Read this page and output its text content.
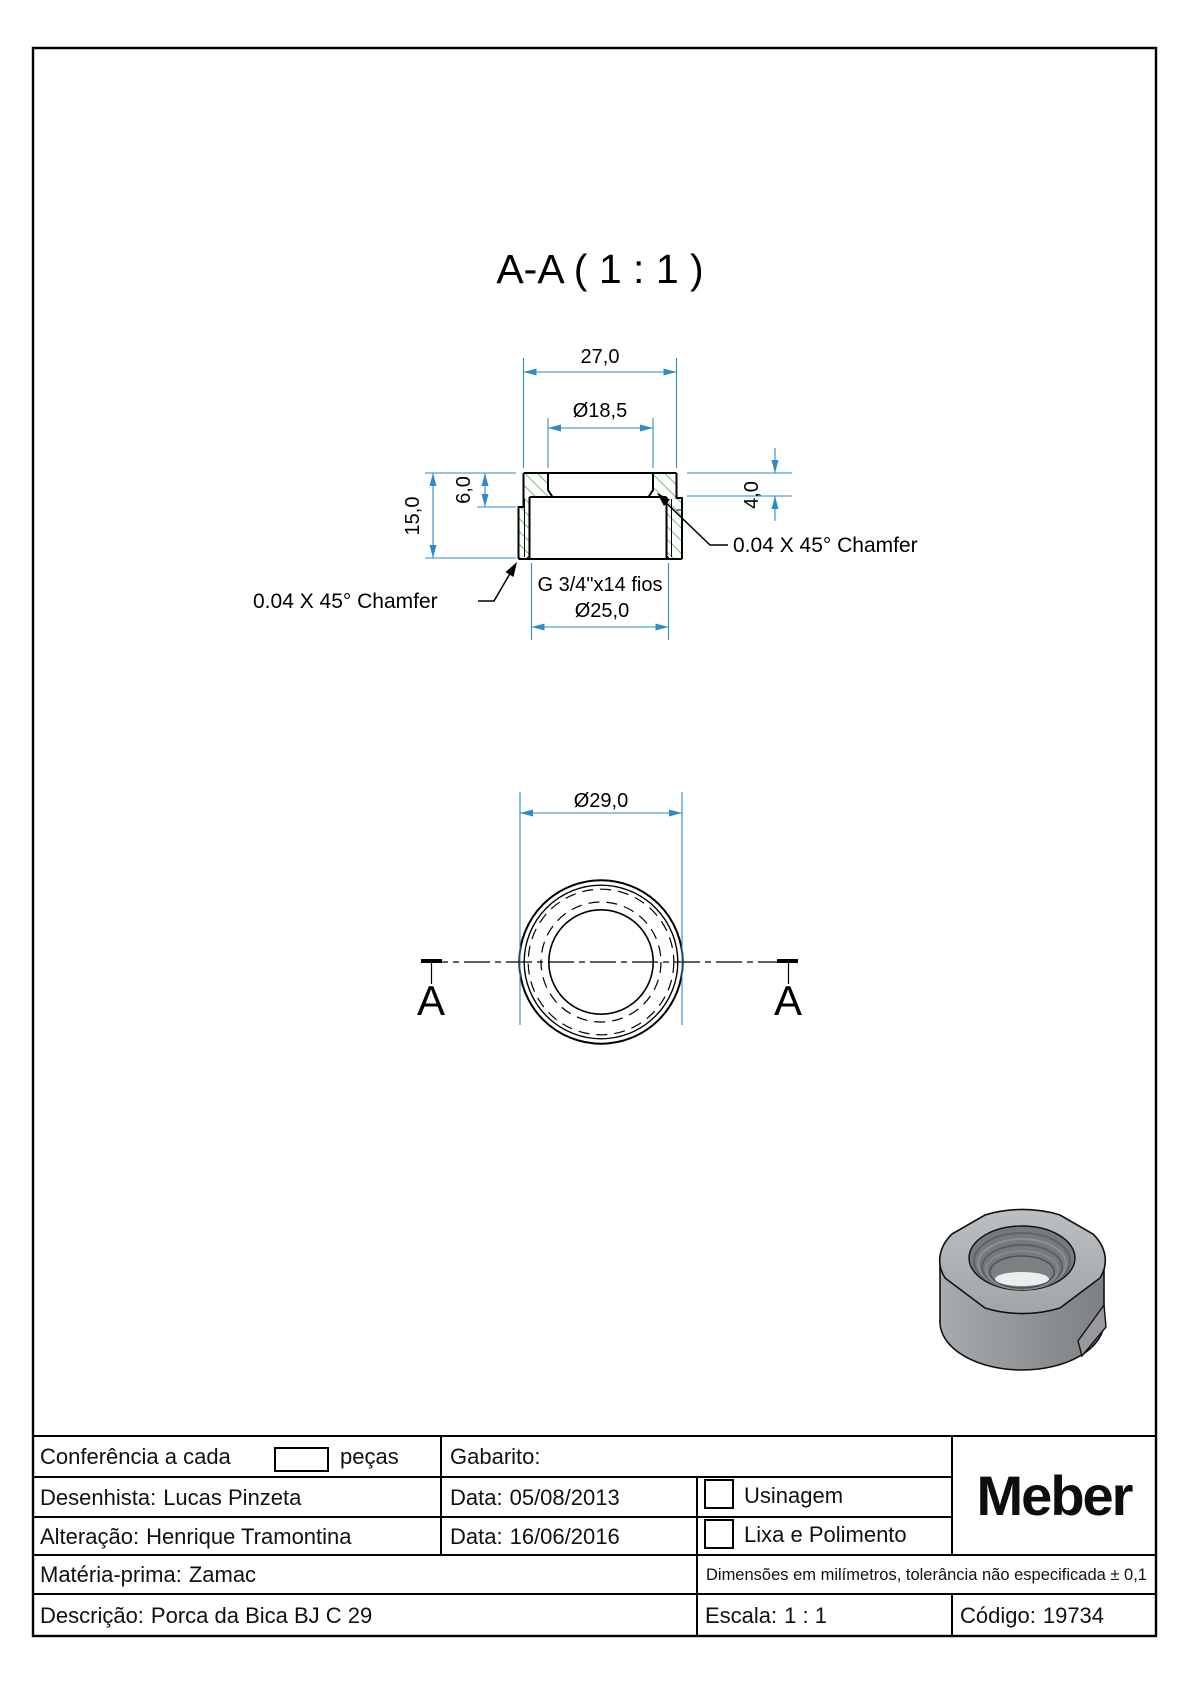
A-A ( 1 : 1 )
27,0
Ø18,5
15,0
6,0	4,0
G 3/4"x14 fios
Ø25,0
0.04 X 45° Chamfer
0.04 X 45° Chamfer
A	A
Ø29,0
Conferência a cada	peças Gabarito:
Desenhista: Lucas Pinzeta	Data: 05/08/2013	Usinagem
Alteração: Henrique Tramontina	Data: 16/06/2016	Lixa e Polimento
Matéria-prima: Zamac	Dimensões em milímetros, tolerância não especificada ± 0,1
Descrição: Porca da Bica BJ C 29	Escala: 1 : 1	Código: 19734
Meber
